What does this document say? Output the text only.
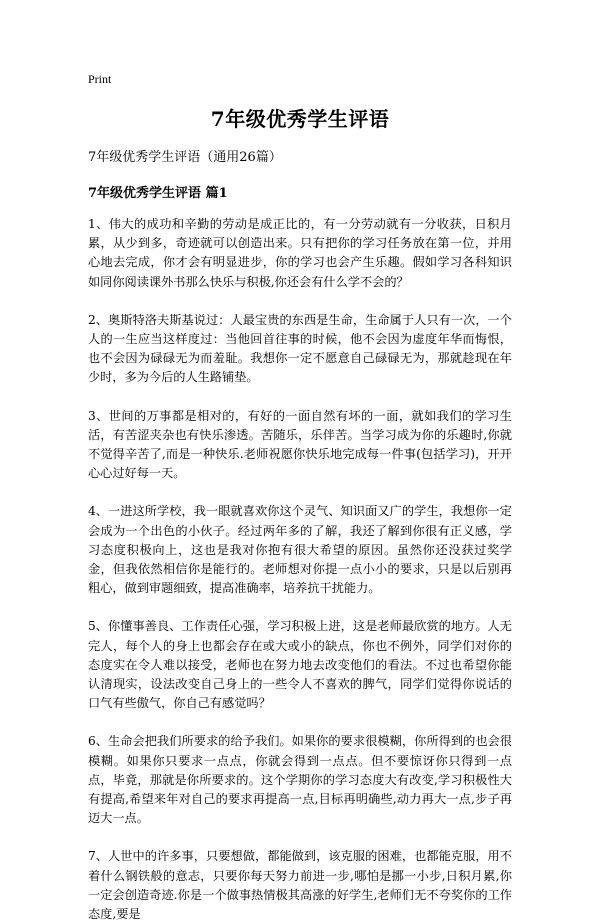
Print
7年级优秀学生评语
7年级优秀学生评语（通用26篇）
7年级优秀学生评语 篇1
1、伟大的成功和辛勤的劳动是成正比的，有一分劳动就有一分收获，日积月累，从少到多，奇迹就可以创造出来。只有把你的学习任务放在第一位，并用心地去完成，你才会有明显进步，你的学习也会产生乐趣。假如学习各科知识如同你阅读课外书那么快乐与积极,你还会有什么学不会的？
2、奥斯特洛夫斯基说过：人最宝贵的东西是生命，生命属于人只有一次，一个人的一生应当这样度过：当他回首往事的时候，他不会因为虚度年华而悔恨，也不会因为碌碌无为而羞耻。我想你一定不愿意自己碌碌无为，那就趁现在年少时，多为今后的人生路铺垫。
3、世间的万事都是相对的，有好的一面自然有坏的一面，就如我们的学习生活，有苦涩夹杂也有快乐渗透。苦随乐，乐伴苦。当学习成为你的乐趣时,你就不觉得辛苦了,而是一种快乐.老师祝愿你快乐地完成每一件事(包括学习)，开开心心过好每一天。
4、一进这所学校，我一眼就喜欢你这个灵气、知识面又广的学生，我想你一定会成为一个出色的小伙子。经过两年多的了解，我还了解到你很有正义感，学习态度积极向上，这也是我对你抱有很大希望的原因。虽然你还没获过奖学金，但我依然相信你是能行的。老师想对你提一点小小的要求，只是以后别再粗心，做到审题细致，提高准确率，培养抗干扰能力。
5、你懂事善良、工作责任心强，学习积极上进，这是老师最欣赏的地方。人无完人，每个人的身上也都会存在或大或小的缺点，你也不例外，同学们对你的态度实在令人难以接受，老师也在努力地去改变他们的看法。不过也希望你能认清现实，设法改变自己身上的一些令人不喜欢的脾气，同学们觉得你说话的口气有些傲气，你自己有感觉吗？
6、生命会把我们所要求的给予我们。如果你的要求很模糊，你所得到的也会很模糊。如果你只要求一点点，你就会得到一点点。但不要惊讶你只得到一点点，毕竟，那就是你所要求的。这个学期你的学习态度大有改变,学习积极性大有提高,希望来年对自己的要求再提高一点,目标再明确些,动力再大一点,步子再迈大一点。
7、人世中的许多事，只要想做，都能做到，该克服的困难，也都能克服，用不着什么钢铁般的意志，只要你每天努力前进一步,哪怕是挪一小步,日积月累,你一定会创造奇迹.你是一个做事热情极其高涨的好学生,老师们无不夸奖你的工作态度,要是
